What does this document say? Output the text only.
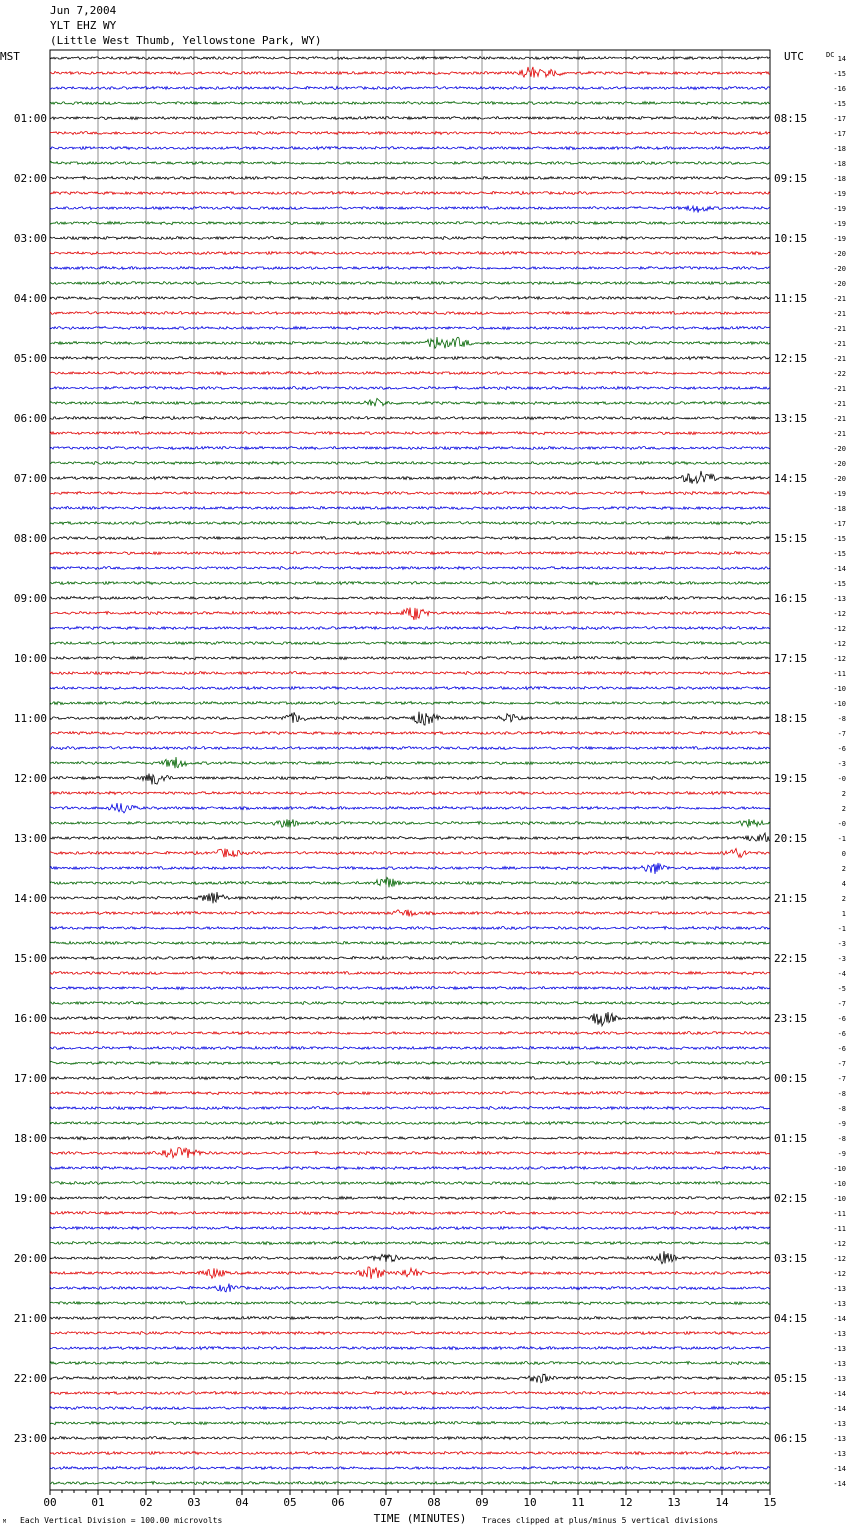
Jun 7,2004
YLT EHZ WY
(Little West Thumb, Yellowstone Park, WY)
MST	UTC	DC
01:00
02:00
03:00
04:00
05:00
06:00
07:00
08:00
09:00
10:00
11:00
12:00
13:00
14:00
15:00
16:00
17:00
18:00
19:00
20:00
21:00
22:00
23:00
08:15
09:15
10:15
11:15
12:15
13:15
14:15
15:15
16:15
17:15
18:15
19:15
20:15
21:15
22:15
23:15
00:15
01:15
02:15
03:15
04:15
05:15
06:15
14
-15
-16
-15
-17
-17
-18
-18
-18
-19
-19
-19
-19
-20
-20
-20
-21
-21
-21
-21
-21
-22
-21
-21
-21
-21
-20
-20
-20
-19
-18
-17
-15
-15
-14
-15
-13
-12
-12
-12
-12
-11
-10
-10
-8
-7
-6
-3
-0
2
2
-0
-1
0
2
4
2
1
-1
-3
-3
-4
-5
-7
-6
-6
-6
-7
-7
-8
-8
-9
-8
-9
-10
-10
-10
-11
-11
-12
-12
-12
-13
-13
-14
-13
-13
-13
-13
-14
-14
-13
-13
-13
-14
-14
00	01	02	03	04	05	06	07	08	09	10	11	12	13	14	15
TIME (MINUTES)
M Each Vertical Division = 100.00 microvolts	Traces clipped at plus/minus 5 vertical divisions
